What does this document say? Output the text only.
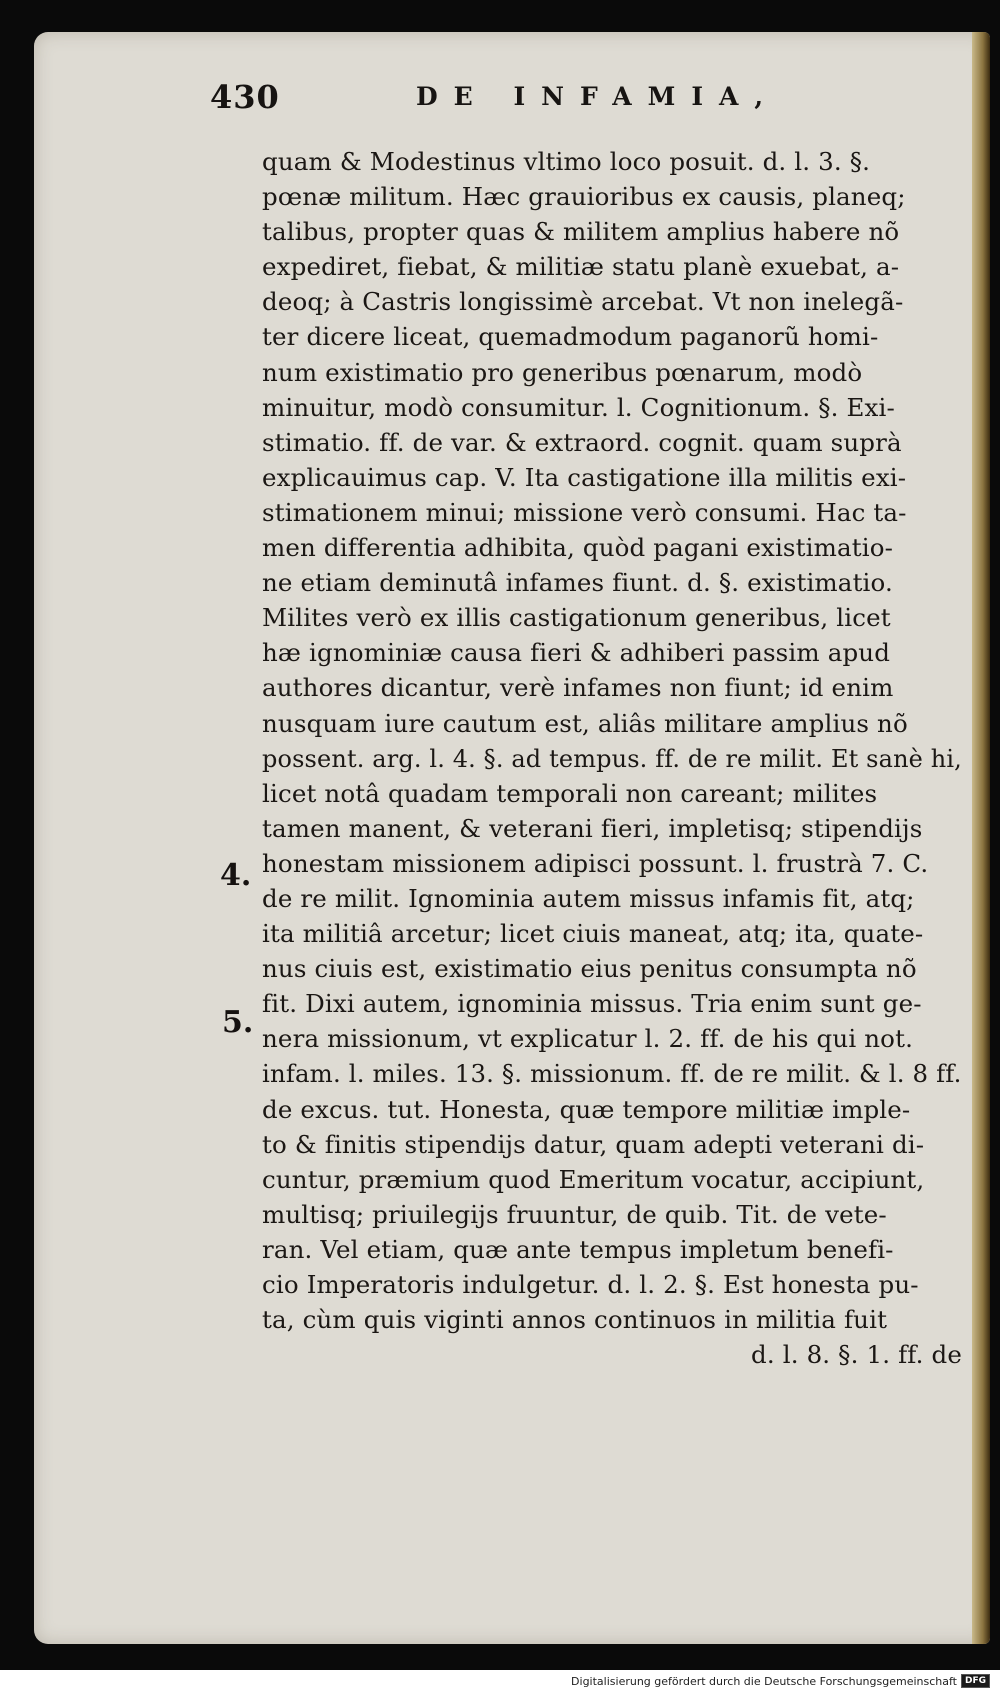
430	DE INFAMIA,
4.
5.

quam & Modestinus vltimo loco posuit. d. l. 3. §.
pœnæ militum. Hæc grauioribus ex causis, planeq;
talibus, propter quas & militem amplius habere nõ
expediret, fiebat, & militiæ statu planè exuebat, a-
deoq; à Castris longissimè arcebat. Vt non inelegã-
ter dicere liceat, quemadmodum paganorũ homi-
num existimatio pro generibus pœnarum, modò
minuitur, modò consumitur. l. Cognitionum. §. Exi-
stimatio. ff. de var. & extraord. cognit. quam suprà
explicauimus cap. V. Ita castigatione illa militis exi-
stimationem minui; missione verò consumi. Hac ta-
men differentia adhibita, quòd pagani existimatio-
ne etiam deminutâ infames fiunt. d. §. existimatio.
Milites verò ex illis castigationum generibus, licet
hæ ignominiæ causa fieri & adhiberi passim apud
authores dicantur, verè infames non fiunt; id enim
nusquam iure cautum est, aliâs militare amplius nõ
possent. arg. l. 4. §. ad tempus. ff. de re milit. Et sanè hi,
licet notâ quadam temporali non careant; milites
tamen manent, & veterani fieri, impletisq; stipendijs
honestam missionem adipisci possunt. l. frustrà 7. C.
de re milit. Ignominia autem missus infamis fit, atq;
ita militiâ arcetur; licet ciuis maneat, atq; ita, quate-
nus ciuis est, existimatio eius penitus consumpta nõ
fit. Dixi autem, ignominia missus. Tria enim sunt ge-
nera missionum, vt explicatur l. 2. ff. de his qui not.
infam. l. miles. 13. §. missionum. ff. de re milit. & l. 8 ff.
de excus. tut. Honesta, quæ tempore militiæ imple-
to & finitis stipendijs datur, quam adepti veterani di-
cuntur, præmium quod Emeritum vocatur, accipiunt,
multisq; priuilegijs fruuntur, de quib. Tit. de vete-
ran. Vel etiam, quæ ante tempus impletum benefi-
cio Imperatoris indulgetur. d. l. 2. §. Est honesta pu-
ta, cùm quis viginti annos continuos in militia fuit
d. l. 8. §. 1. ff. de

Digitalisierung gefördert durch die Deutsche Forschungsgemeinschaft DFG
